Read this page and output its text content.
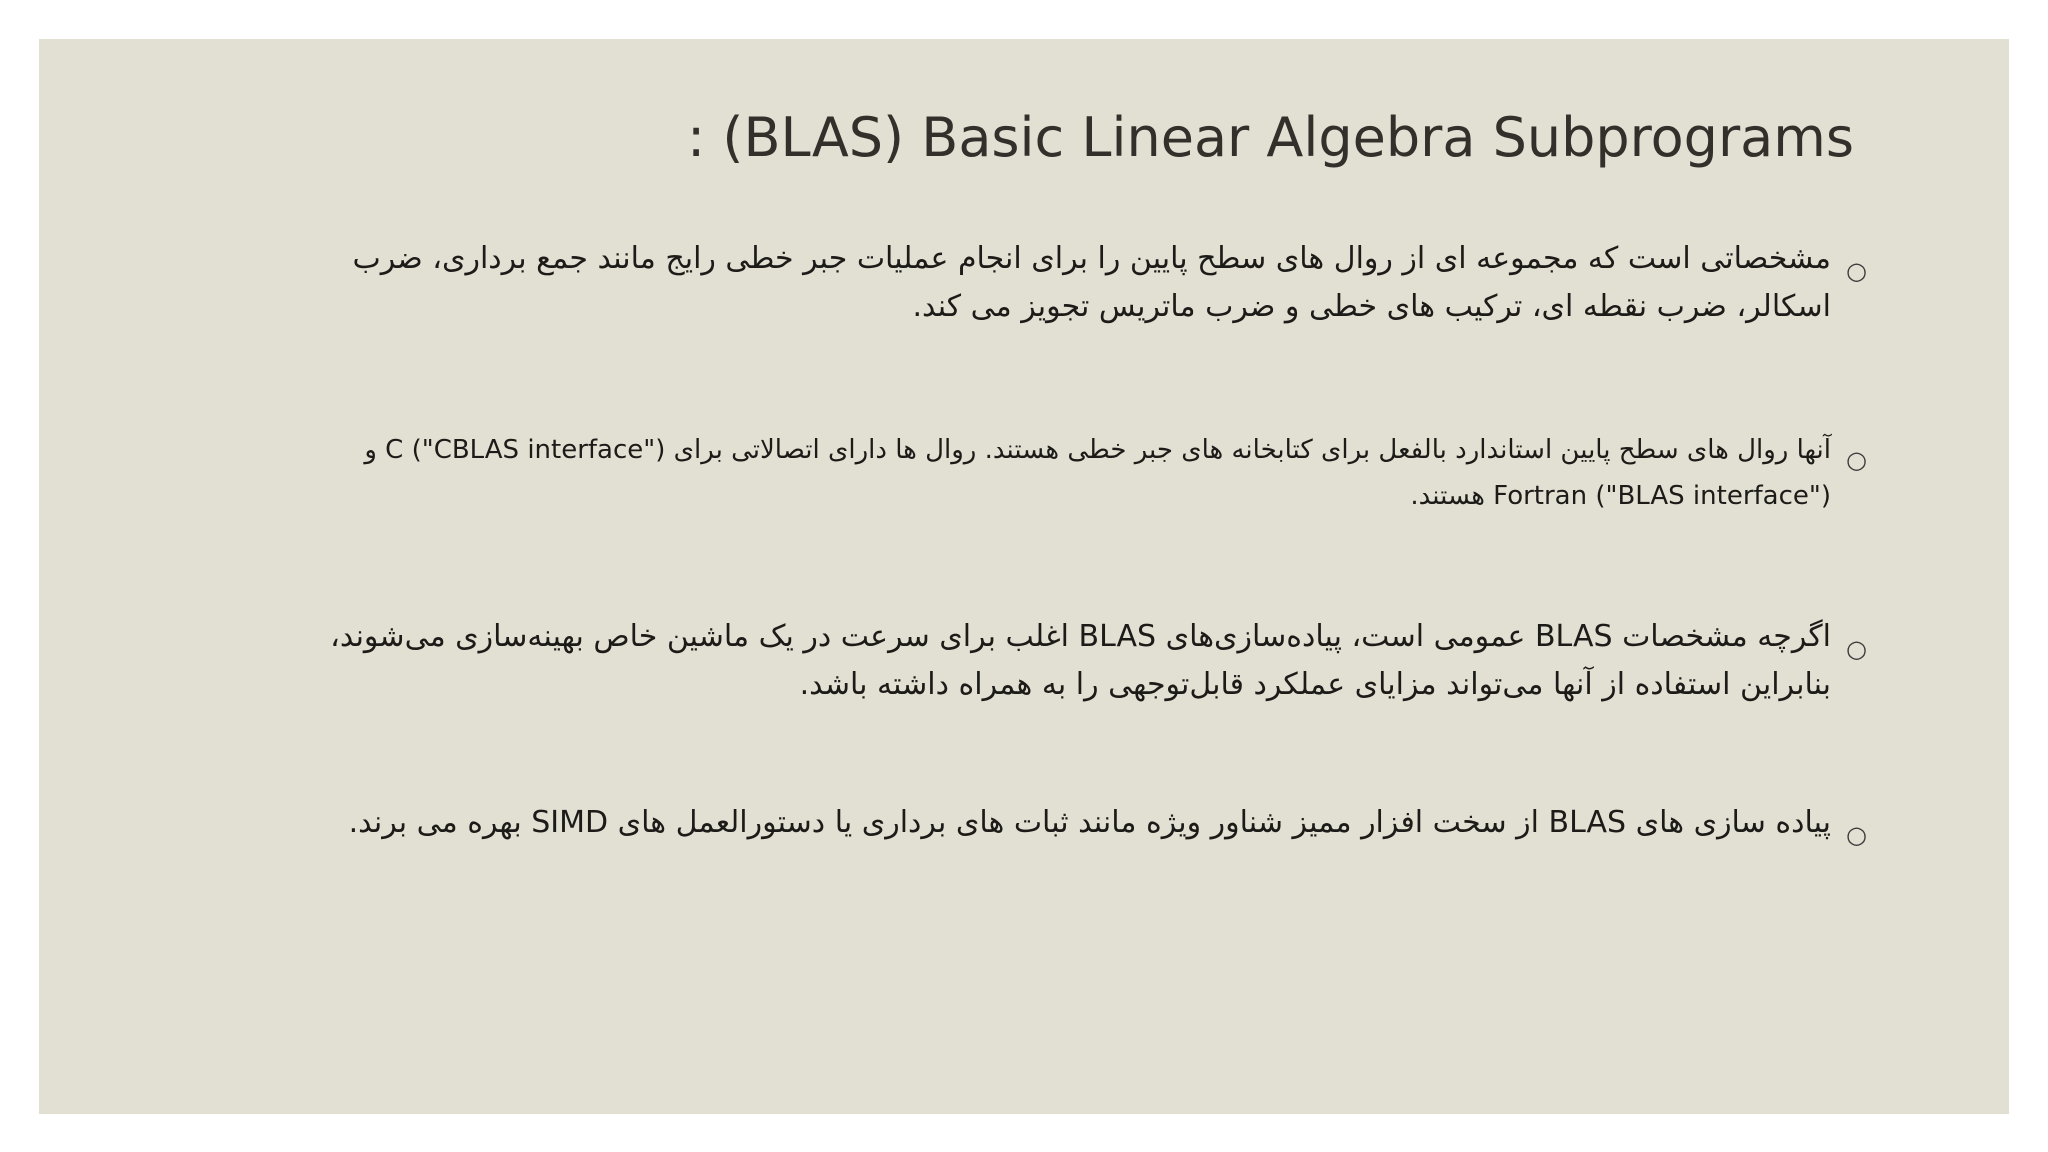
: (BLAS) Basic Linear Algebra Subprograms
○
مشخصاتی است که مجموعه ای از روال های سطح پایین را برای انجام عملیات جبر خطی رایج مانند جمع برداری، ضرب اسکالر، ضرب نقطه ای، ترکیب های خطی و ضرب ماتریس تجویز می کند.
○
آنها روال های سطح پایین استاندارد بالفعل برای کتابخانه های جبر خطی هستند. روال ها دارای اتصالاتی برای C ("CBLAS interface") و Fortran ("BLAS interface") هستند.
○
اگرچه مشخصات BLAS عمومی است، پیاده‌سازی‌های BLAS اغلب برای سرعت در یک ماشین خاص بهینه‌سازی می‌شوند، بنابراین استفاده از آنها می‌تواند مزایای عملکرد قابل‌توجهی را به همراه داشته باشد.
○
پیاده سازی های BLAS از سخت افزار ممیز شناور ویژه مانند ثبات های برداری یا دستورالعمل های SIMD بهره می برند.
